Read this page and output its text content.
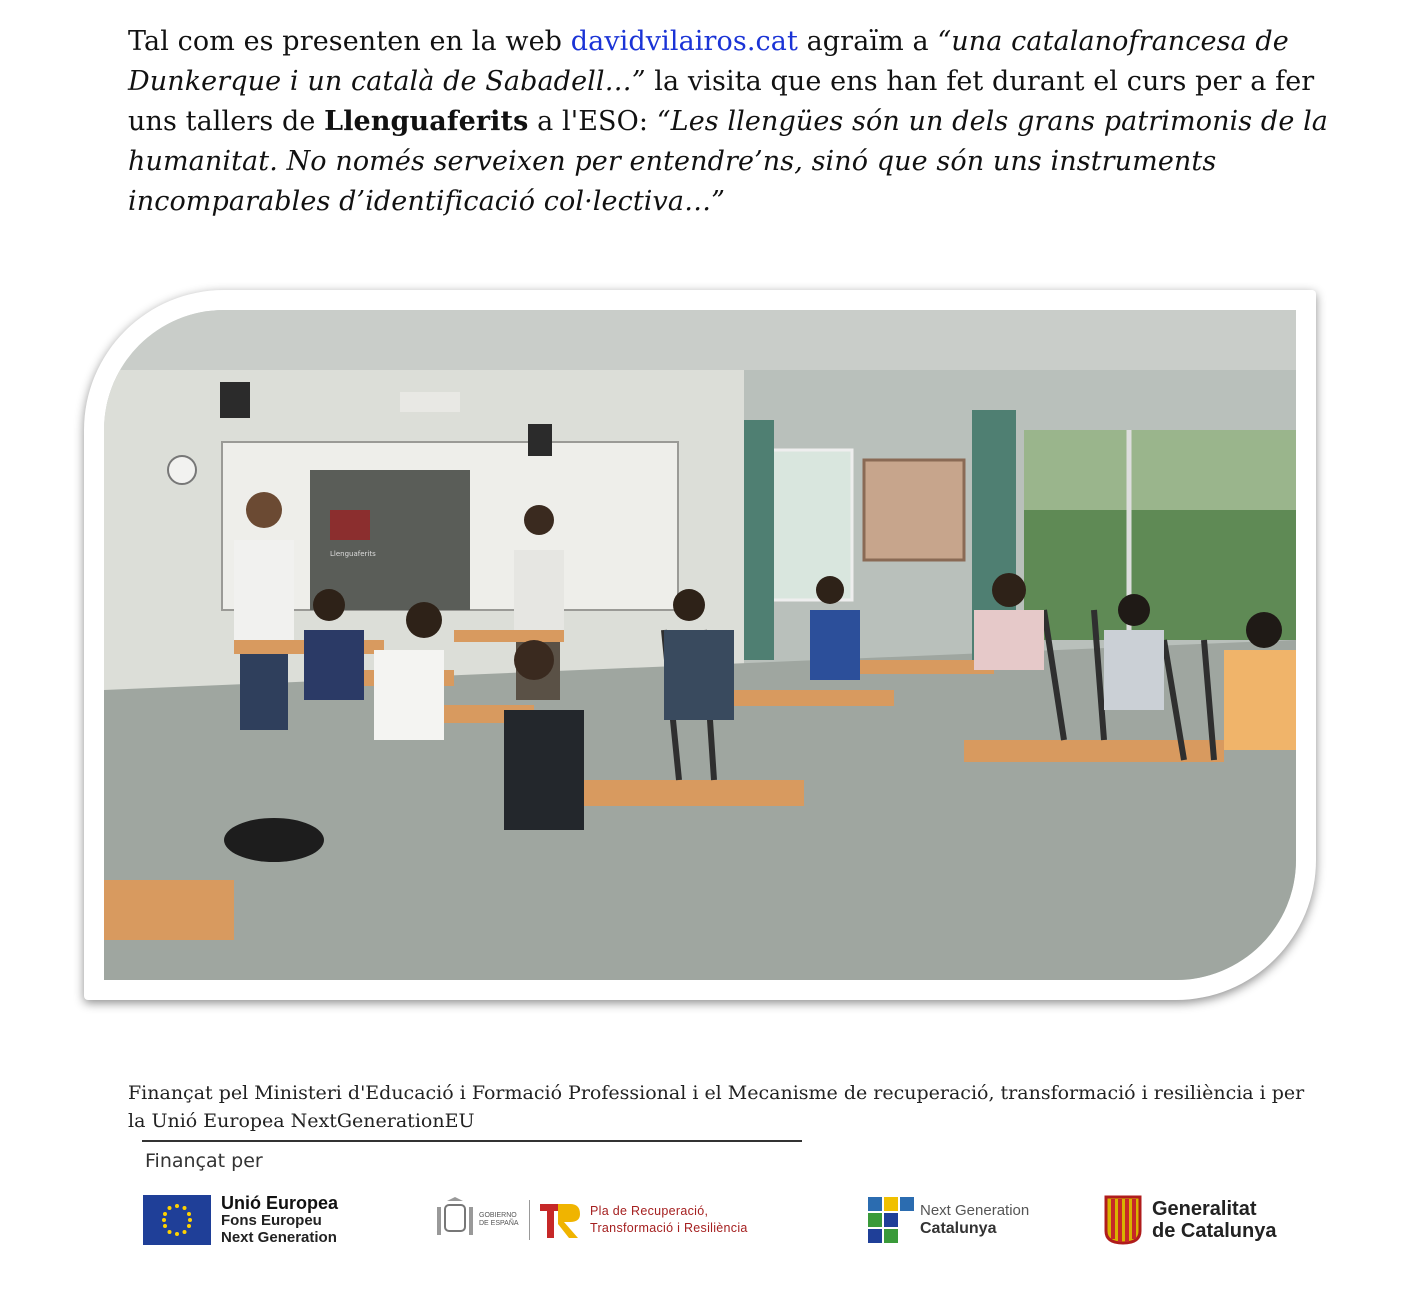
Tal com es presenten en la web davidvilairos.cat agraïm a “una catalanofrancesa de Dunkerque i un català de Sabadell…” la visita que ens han fet durant el curs per a fer uns tallers de Llenguaferits a l'ESO: “Les llengües són un dels grans patrimonis de la humanitat. No només serveixen per entendre’ns, sinó que són uns instruments incomparables d’identificació col·lectiva…”
Llenguaferits
Finançat pel Ministeri d'Educació i Formació Professional i el Mecanisme de recuperació, transformació i resiliència i per la Unió Europea NextGenerationEU
Finançat per
Unió Europea
Fons Europeu
Next Generation
GOBIERNO DE ESPAÑA
Pla de Recuperació,
Transformació i Resiliència
Next Generation
Catalunya
Generalitat
de Catalunya
